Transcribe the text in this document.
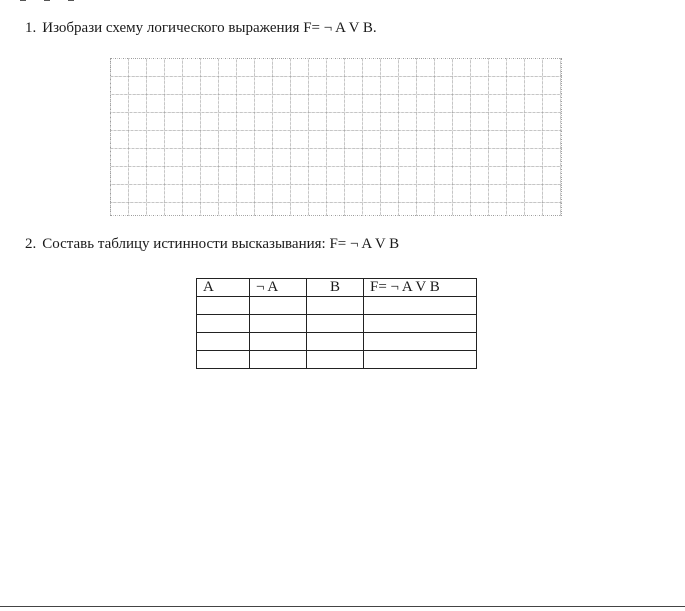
1. Изобрази схему логического выражения F= ¬ A V B.
2. Составь таблицу истинности высказывания: F= ¬ A V B
A	¬ A	B	F= ¬ A V B
